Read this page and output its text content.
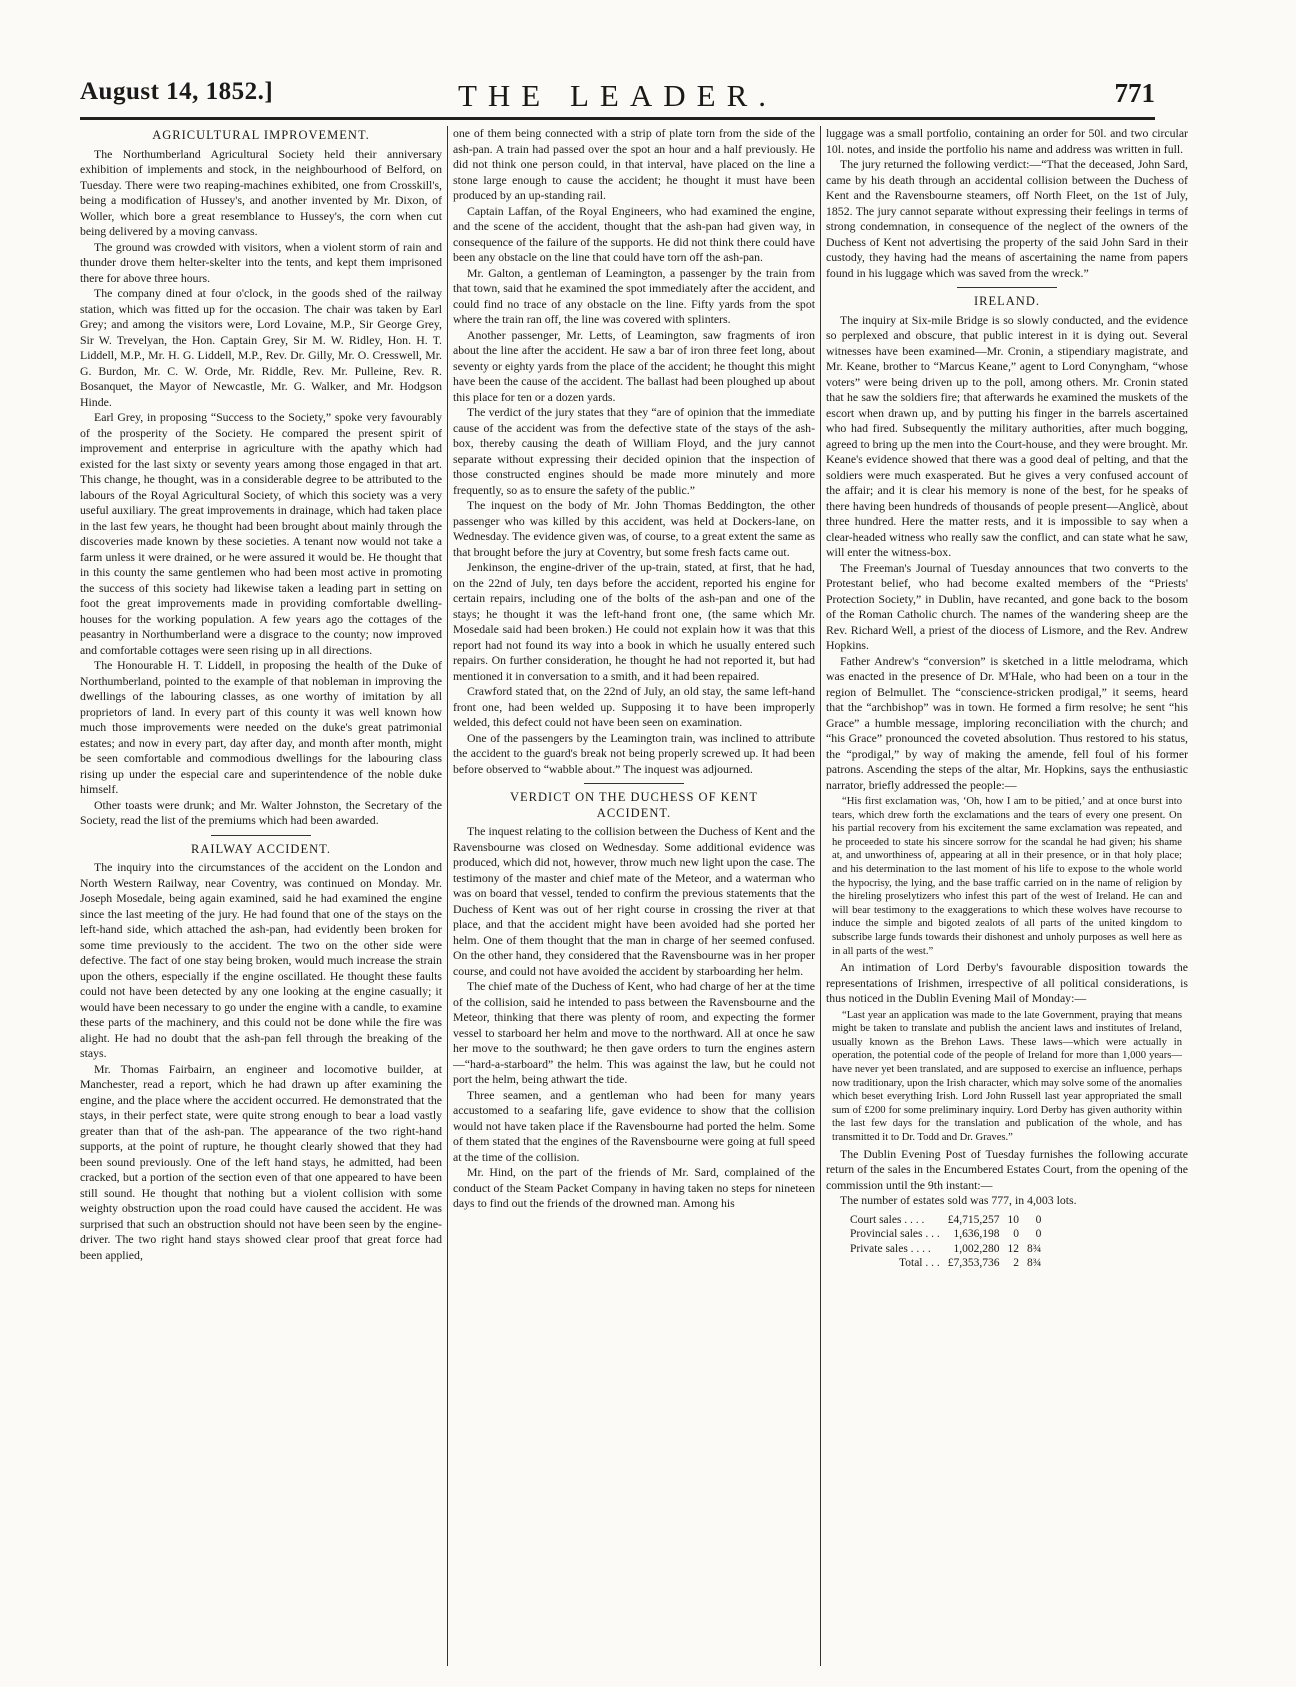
August 14, 1852.]	THE LEADER.	771
AGRICULTURAL IMPROVEMENT.

The Northumberland Agricultural Society held their anniversary exhibition of implements and stock, in the neighbourhood of Belford, on Tuesday. There were two reaping-machines exhibited, one from Crosskill's, being a modification of Hussey's, and another invented by Mr. Dixon, of Woller, which bore a great resemblance to Hussey's, the corn when cut being delivered by a moving canvass.

The ground was crowded with visitors, when a violent storm of rain and thunder drove them helter-skelter into the tents, and kept them imprisoned there for above three hours.

The company dined at four o'clock, in the goods shed of the railway station, which was fitted up for the occasion. The chair was taken by Earl Grey; and among the visitors were, Lord Lovaine, M.P., Sir George Grey, Sir W. Trevelyan, the Hon. Captain Grey, Sir M. W. Ridley, Hon. H. T. Liddell, M.P., Mr. H. G. Liddell, M.P., Rev. Dr. Gilly, Mr. O. Cresswell, Mr. G. Burdon, Mr. C. W. Orde, Mr. Riddle, Rev. Mr. Pulleine, Rev. R. Bosanquet, the Mayor of Newcastle, Mr. G. Walker, and Mr. Hodgson Hinde.

Earl Grey, in proposing “Success to the Society,” spoke very favourably of the prosperity of the Society. He compared the present spirit of improvement and enterprise in agriculture with the apathy which had existed for the last sixty or seventy years among those engaged in that art. This change, he thought, was in a considerable degree to be attributed to the labours of the Royal Agricultural Society, of which this society was a very useful auxiliary. The great improvements in drainage, which had taken place in the last few years, he thought had been brought about mainly through the discoveries made known by these societies. A tenant now would not take a farm unless it were drained, or he were assured it would be. He thought that in this county the same gentlemen who had been most active in promoting the success of this society had likewise taken a leading part in setting on foot the great improvements made in providing comfortable dwelling-houses for the working population. A few years ago the cottages of the peasantry in Northumberland were a disgrace to the county; now improved and comfortable cottages were seen rising up in all directions.

The Honourable H. T. Liddell, in proposing the health of the Duke of Northumberland, pointed to the example of that nobleman in improving the dwellings of the labouring classes, as one worthy of imitation by all proprietors of land. In every part of this county it was well known how much those improvements were needed on the duke's great patrimonial estates; and now in every part, day after day, and month after month, might be seen comfortable and commodious dwellings for the labouring class rising up under the especial care and superintendence of the noble duke himself.

Other toasts were drunk; and Mr. Walter Johnston, the Secretary of the Society, read the list of the premiums which had been awarded.

RAILWAY ACCIDENT.

The inquiry into the circumstances of the accident on the London and North Western Railway, near Coventry, was continued on Monday. Mr. Joseph Mosedale, being again examined, said he had examined the engine since the last meeting of the jury. He had found that one of the stays on the left-hand side, which attached the ash-pan, had evidently been broken for some time previously to the accident. The two on the other side were defective. The fact of one stay being broken, would much increase the strain upon the others, especially if the engine oscillated. He thought these faults could not have been detected by any one looking at the engine casually; it would have been necessary to go under the engine with a candle, to examine these parts of the machinery, and this could not be done while the fire was alight. He had no doubt that the ash-pan fell through the breaking of the stays.

Mr. Thomas Fairbairn, an engineer and locomotive builder, at Manchester, read a report, which he had drawn up after examining the engine, and the place where the accident occurred. He demonstrated that the stays, in their perfect state, were quite strong enough to bear a load vastly greater than that of the ash-pan. The appearance of the two right-hand supports, at the point of rupture, he thought clearly showed that they had been sound previously. One of the left hand stays, he admitted, had been cracked, but a portion of the section even of that one appeared to have been still sound. He thought that nothing but a violent collision with some weighty obstruction upon the road could have caused the accident. He was surprised that such an obstruction should not have been seen by the engine-driver. The two right hand stays showed clear proof that great force had been applied,

one of them being connected with a strip of plate torn from the side of the ash-pan. A train had passed over the spot an hour and a half previously. He did not think one person could, in that interval, have placed on the line a stone large enough to cause the accident; he thought it must have been produced by an up-standing rail.

Captain Laffan, of the Royal Engineers, who had examined the engine, and the scene of the accident, thought that the ash-pan had given way, in consequence of the failure of the supports. He did not think there could have been any obstacle on the line that could have torn off the ash-pan.

Mr. Galton, a gentleman of Leamington, a passenger by the train from that town, said that he examined the spot immediately after the accident, and could find no trace of any obstacle on the line. Fifty yards from the spot where the train ran off, the line was covered with splinters.

Another passenger, Mr. Letts, of Leamington, saw fragments of iron about the line after the accident. He saw a bar of iron three feet long, about seventy or eighty yards from the place of the accident; he thought this might have been the cause of the accident. The ballast had been ploughed up about this place for ten or a dozen yards.

The verdict of the jury states that they “are of opinion that the immediate cause of the accident was from the defective state of the stays of the ash-box, thereby causing the death of William Floyd, and the jury cannot separate without expressing their decided opinion that the inspection of those constructed engines should be made more minutely and more frequently, so as to ensure the safety of the public.”

The inquest on the body of Mr. John Thomas Beddington, the other passenger who was killed by this accident, was held at Dockers-lane, on Wednesday. The evidence given was, of course, to a great extent the same as that brought before the jury at Coventry, but some fresh facts came out.

Jenkinson, the engine-driver of the up-train, stated, at first, that he had, on the 22nd of July, ten days before the accident, reported his engine for certain repairs, including one of the bolts of the ash-pan and one of the stays; he thought it was the left-hand front one, (the same which Mr. Mosedale said had been broken.) He could not explain how it was that this report had not found its way into a book in which he usually entered such repairs. On further consideration, he thought he had not reported it, but had mentioned it in conversation to a smith, and it had been repaired.

Crawford stated that, on the 22nd of July, an old stay, the same left-hand front one, had been welded up. Supposing it to have been improperly welded, this defect could not have been seen on examination.

One of the passengers by the Leamington train, was inclined to attribute the accident to the guard's break not being properly screwed up. It had been before observed to “wabble about.” The inquest was adjourned.

VERDICT ON THE DUCHESS OF KENT
ACCIDENT.

The inquest relating to the collision between the Duchess of Kent and the Ravensbourne was closed on Wednesday. Some additional evidence was produced, which did not, however, throw much new light upon the case. The testimony of the master and chief mate of the Meteor, and a waterman who was on board that vessel, tended to confirm the previous statements that the Duchess of Kent was out of her right course in crossing the river at that place, and that the accident might have been avoided had she ported her helm. One of them thought that the man in charge of her seemed confused. On the other hand, they considered that the Ravensbourne was in her proper course, and could not have avoided the accident by starboarding her helm.

The chief mate of the Duchess of Kent, who had charge of her at the time of the collision, said he intended to pass between the Ravensbourne and the Meteor, thinking that there was plenty of room, and expecting the former vessel to starboard her helm and move to the northward. All at once he saw her move to the southward; he then gave orders to turn the engines astern—“hard-a-starboard” the helm. This was against the law, but he could not port the helm, being athwart the tide.

Three seamen, and a gentleman who had been for many years accustomed to a seafaring life, gave evidence to show that the collision would not have taken place if the Ravensbourne had ported the helm. Some of them stated that the engines of the Ravensbourne were going at full speed at the time of the collision.

Mr. Hind, on the part of the friends of Mr. Sard, complained of the conduct of the Steam Packet Company in having taken no steps for nineteen days to find out the friends of the drowned man. Among his

luggage was a small portfolio, containing an order for 50l. and two circular 10l. notes, and inside the portfolio his name and address was written in full.

The jury returned the following verdict:—“That the deceased, John Sard, came by his death through an accidental collision between the Duchess of Kent and the Ravensbourne steamers, off North Fleet, on the 1st of July, 1852. The jury cannot separate without expressing their feelings in terms of strong condemnation, in consequence of the neglect of the owners of the Duchess of Kent not advertising the property of the said John Sard in their custody, they having had the means of ascertaining the name from papers found in his luggage which was saved from the wreck.”

IRELAND.

The inquiry at Six-mile Bridge is so slowly conducted, and the evidence so perplexed and obscure, that public interest in it is dying out. Several witnesses have been examined—Mr. Cronin, a stipendiary magistrate, and Mr. Keane, brother to “Marcus Keane,” agent to Lord Conyngham, “whose voters” were being driven up to the poll, among others. Mr. Cronin stated that he saw the soldiers fire; that afterwards he examined the muskets of the escort when drawn up, and by putting his finger in the barrels ascertained who had fired. Subsequently the military authorities, after much bogging, agreed to bring up the men into the Court-house, and they were brought. Mr. Keane's evidence showed that there was a good deal of pelting, and that the soldiers were much exasperated. But he gives a very confused account of the affair; and it is clear his memory is none of the best, for he speaks of there having been hundreds of thousands of people present—Anglicè, about three hundred. Here the matter rests, and it is impossible to say when a clear-headed witness who really saw the conflict, and can state what he saw, will enter the witness-box.

The Freeman's Journal of Tuesday announces that two converts to the Protestant belief, who had become exalted members of the “Priests' Protection Society,” in Dublin, have recanted, and gone back to the bosom of the Roman Catholic church. The names of the wandering sheep are the Rev. Richard Well, a priest of the diocess of Lismore, and the Rev. Andrew Hopkins.

Father Andrew's “conversion” is sketched in a little melodrama, which was enacted in the presence of Dr. M'Hale, who had been on a tour in the region of Belmullet. The “conscience-stricken prodigal,” it seems, heard that the “archbishop” was in town. He formed a firm resolve; he sent “his Grace” a humble message, imploring reconciliation with the church; and “his Grace” pronounced the coveted absolution. Thus restored to his status, the “prodigal,” by way of making the amende, fell foul of his former patrons. Ascending the steps of the altar, Mr. Hopkins, says the enthusiastic narrator, briefly addressed the people:—

“His first exclamation was, ‘Oh, how I am to be pitied,’ and at once burst into tears, which drew forth the exclamations and the tears of every one present. On his partial recovery from his excitement the same exclamation was repeated, and he proceeded to state his sincere sorrow for the scandal he had given; his shame at, and unworthiness of, appearing at all in their presence, or in that holy place; and his determination to the last moment of his life to expose to the whole world the hypocrisy, the lying, and the base traffic carried on in the name of religion by the hireling proselytizers who infest this part of the west of Ireland. He can and will bear testimony to the exaggerations to which these wolves have recourse to induce the simple and bigoted zealots of all parts of the united kingdom to subscribe large funds towards their dishonest and unholy purposes as well here as in all parts of the west.”

An intimation of Lord Derby's favourable disposition towards the representations of Irishmen, irrespective of all political considerations, is thus noticed in the Dublin Evening Mail of Monday:—

“Last year an application was made to the late Government, praying that means might be taken to translate and publish the ancient laws and institutes of Ireland, usually known as the Brehon Laws. These laws—which were actually in operation, the potential code of the people of Ireland for more than 1,000 years—have never yet been translated, and are supposed to exercise an influence, perhaps now traditionary, upon the Irish character, which may solve some of the anomalies which beset everything Irish. Lord John Russell last year appropriated the small sum of £200 for some preliminary inquiry. Lord Derby has given authority within the last few days for the translation and publication of the whole, and has transmitted it to Dr. Todd and Dr. Graves.”

The Dublin Evening Post of Tuesday furnishes the following accurate return of the sales in the Encumbered Estates Court, from the opening of the commission until the 9th instant:—

The number of estates sold was 777, in 4,003 lots.

Court sales . . . .	£4,715,257	10	0
Provincial sales . . .	1,636,198	0	0
Private sales . . . .	1,002,280	12	8¾
Total . . .	£7,353,736	2	8¾
